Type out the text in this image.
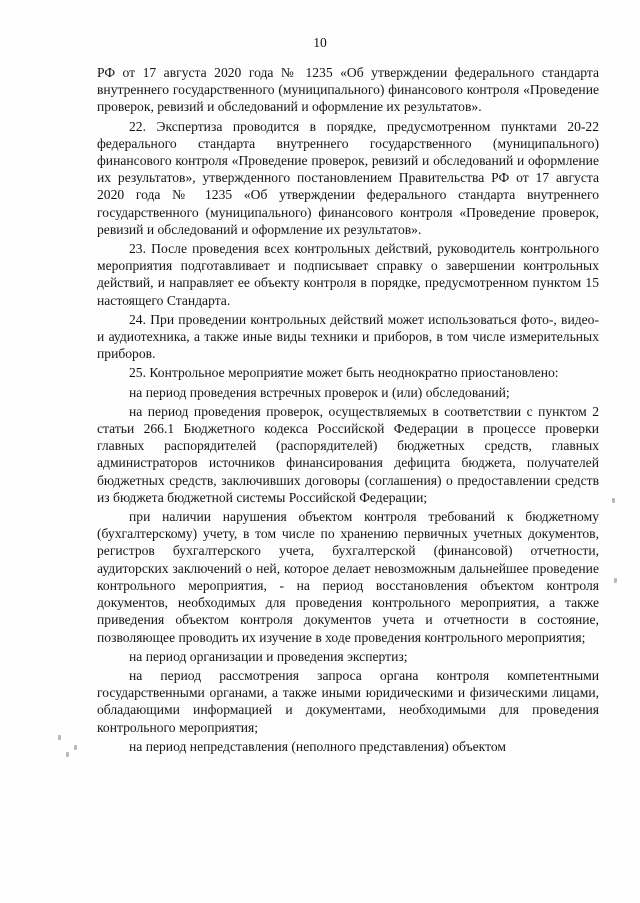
10

РФ от 17 августа 2020 года № 1235 «Об утверждении федерального стандарта внутреннего государственного (муниципального) финансового контроля «Проведение проверок, ревизий и обследований и оформление их результатов».

22. Экспертиза проводится в порядке, предусмотренном пунктами 20-22 федерального стандарта внутреннего государственного (муниципального) финансового контроля «Проведение проверок, ревизий и обследований и оформление их результатов», утвержденного постановлением Правительства РФ от 17 августа 2020 года № 1235 «Об утверждении федерального стандарта внутреннего государственного (муниципального) финансового контроля «Проведение проверок, ревизий и обследований и оформление их результатов».

23. После проведения всех контрольных действий, руководитель контрольного мероприятия подготавливает и подписывает справку о завершении контрольных действий, и направляет ее объекту контроля в порядке, предусмотренном пунктом 15 настоящего Стандарта.

24. При проведении контрольных действий может использоваться фото-, видео- и аудиотехника, а также иные виды техники и приборов, в том числе измерительных приборов.

25. Контрольное мероприятие может быть неоднократно приостановлено:

на период проведения встречных проверок и (или) обследований;

на период проведения проверок, осуществляемых в соответствии с пунктом 2 статьи 266.1 Бюджетного кодекса Российской Федерации в процессе проверки главных распорядителей (распорядителей) бюджетных средств, главных администраторов источников финансирования дефицита бюджета, получателей бюджетных средств, заключивших договоры (соглашения) о предоставлении средств из бюджета бюджетной системы Российской Федерации;

при наличии нарушения объектом контроля требований к бюджетному (бухгалтерскому) учету, в том числе по хранению первичных учетных документов, регистров бухгалтерского учета, бухгалтерской (финансовой) отчетности, аудиторских заключений о ней, которое делает невозможным дальнейшее проведение контрольного мероприятия, - на период восстановления объектом контроля документов, необходимых для проведения контрольного мероприятия, а также приведения объектом контроля документов учета и отчетности в состояние, позволяющее проводить их изучение в ходе проведения контрольного мероприятия;

на период организации и проведения экспертиз;

на период рассмотрения запроса органа контроля компетентными государственными органами, а также иными юридическими и физическими лицами, обладающими информацией и документами, необходимыми для проведения контрольного мероприятия;

на период непредставления (неполного представления) объектом
